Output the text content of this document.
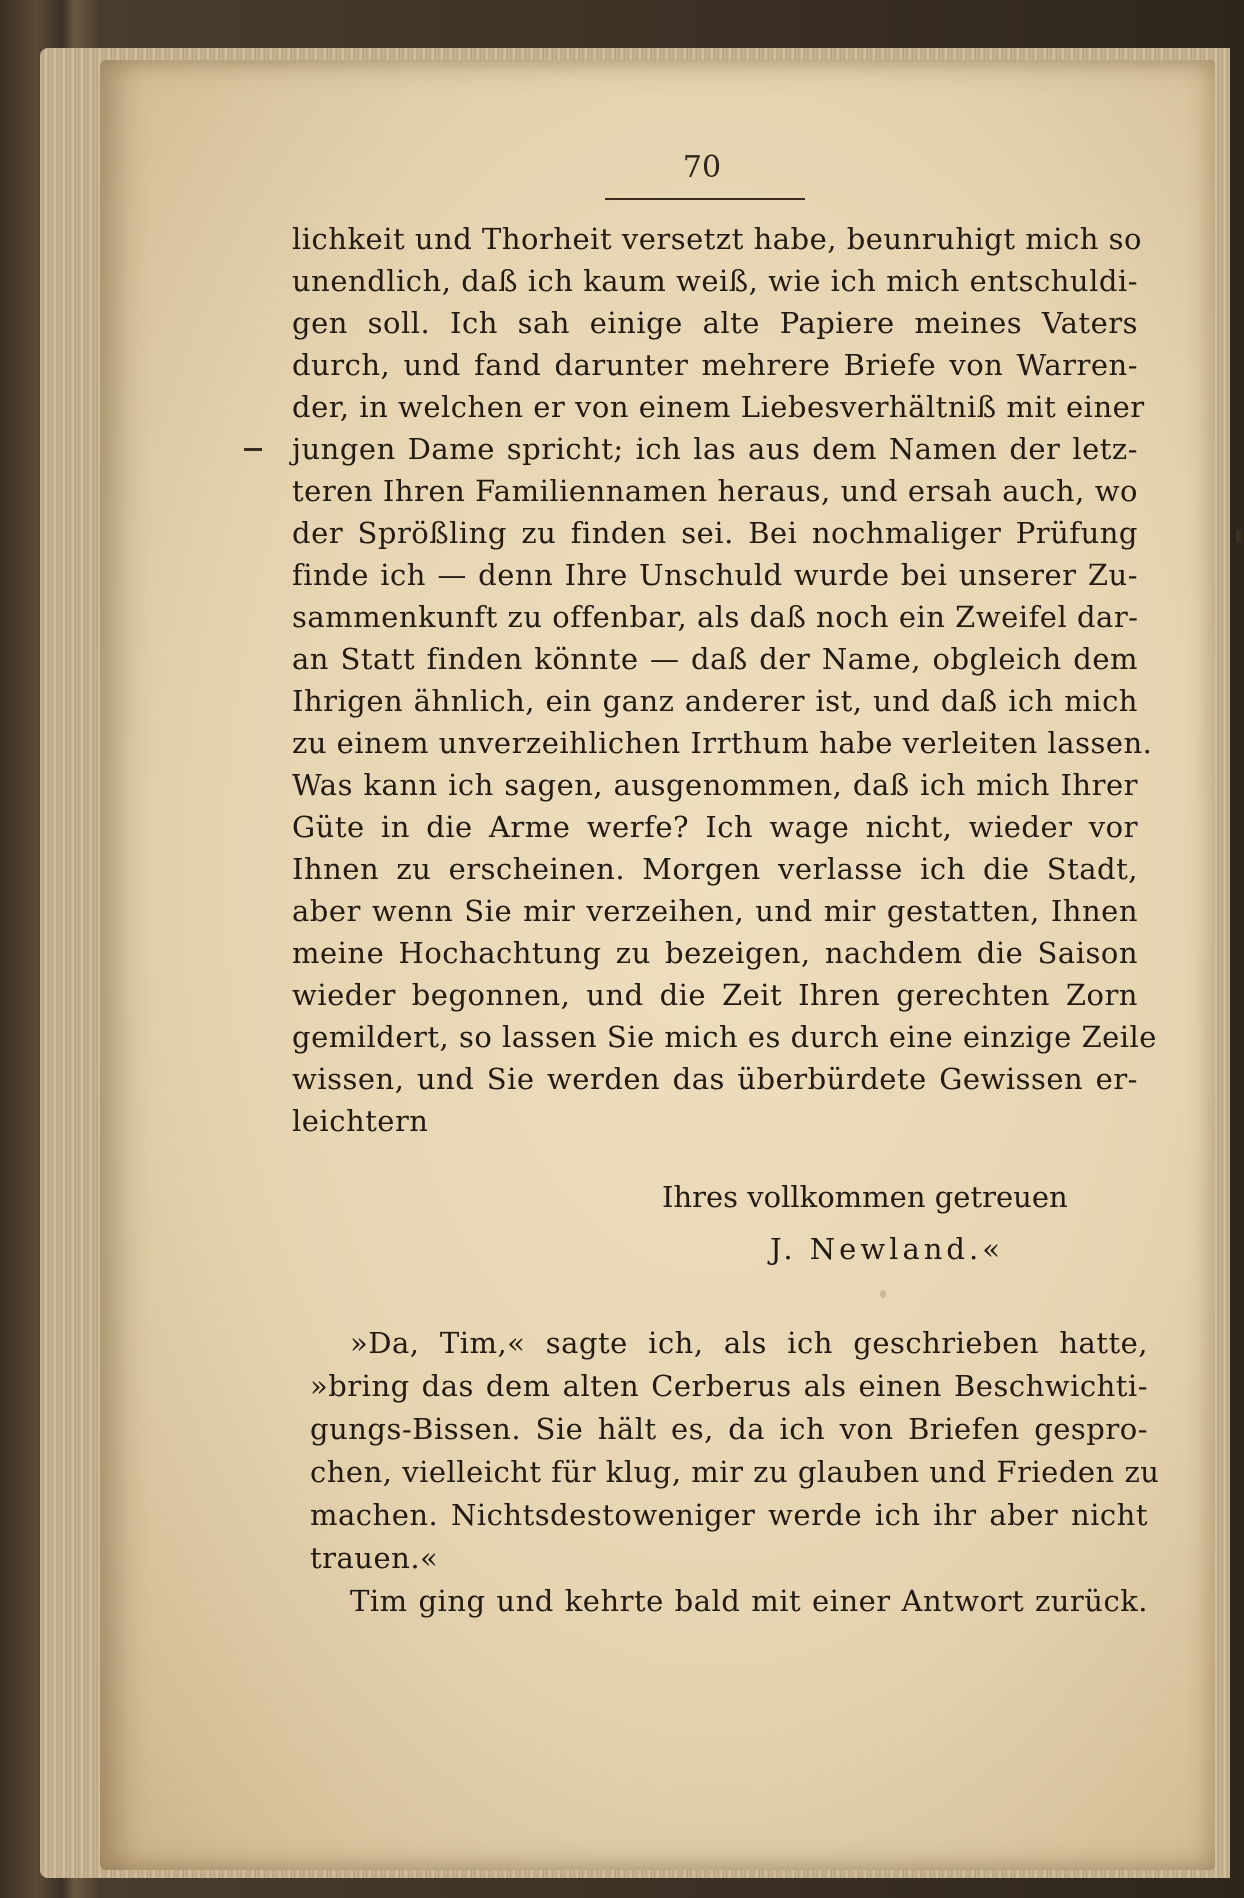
70
lichkeit und Thorheit versetzt habe, beunruhigt mich so
unendlich, daß ich kaum weiß, wie ich mich entschuldi-
gen soll. Ich sah einige alte Papiere meines Vaters
durch, und fand darunter mehrere Briefe von Warren-
der, in welchen er von einem Liebesverhältniß mit einer
jungen Dame spricht; ich las aus dem Namen der letz-
teren Ihren Familiennamen heraus, und ersah auch, wo
der Sprößling zu finden sei. Bei nochmaliger Prüfung
finde ich — denn Ihre Unschuld wurde bei unserer Zu-
sammenkunft zu offenbar, als daß noch ein Zweifel dar-
an Statt finden könnte — daß der Name, obgleich dem
Ihrigen ähnlich, ein ganz anderer ist, und daß ich mich
zu einem unverzeihlichen Irrthum habe verleiten lassen.
Was kann ich sagen, ausgenommen, daß ich mich Ihrer
Güte in die Arme werfe? Ich wage nicht, wieder vor
Ihnen zu erscheinen. Morgen verlasse ich die Stadt,
aber wenn Sie mir verzeihen, und mir gestatten, Ihnen
meine Hochachtung zu bezeigen, nachdem die Saison
wieder begonnen, und die Zeit Ihren gerechten Zorn
gemildert, so lassen Sie mich es durch eine einzige Zeile
wissen, und Sie werden das überbürdete Gewissen er-
leichtern
Ihres vollkommen getreuen
J. Newland.«
»Da, Tim,« sagte ich, als ich geschrieben hatte,
»bring das dem alten Cerberus als einen Beschwichti-
gungs-Bissen. Sie hält es, da ich von Briefen gespro-
chen, vielleicht für klug, mir zu glauben und Frieden zu
machen. Nichtsdestoweniger werde ich ihr aber nicht
trauen.«
Tim ging und kehrte bald mit einer Antwort zurück.
